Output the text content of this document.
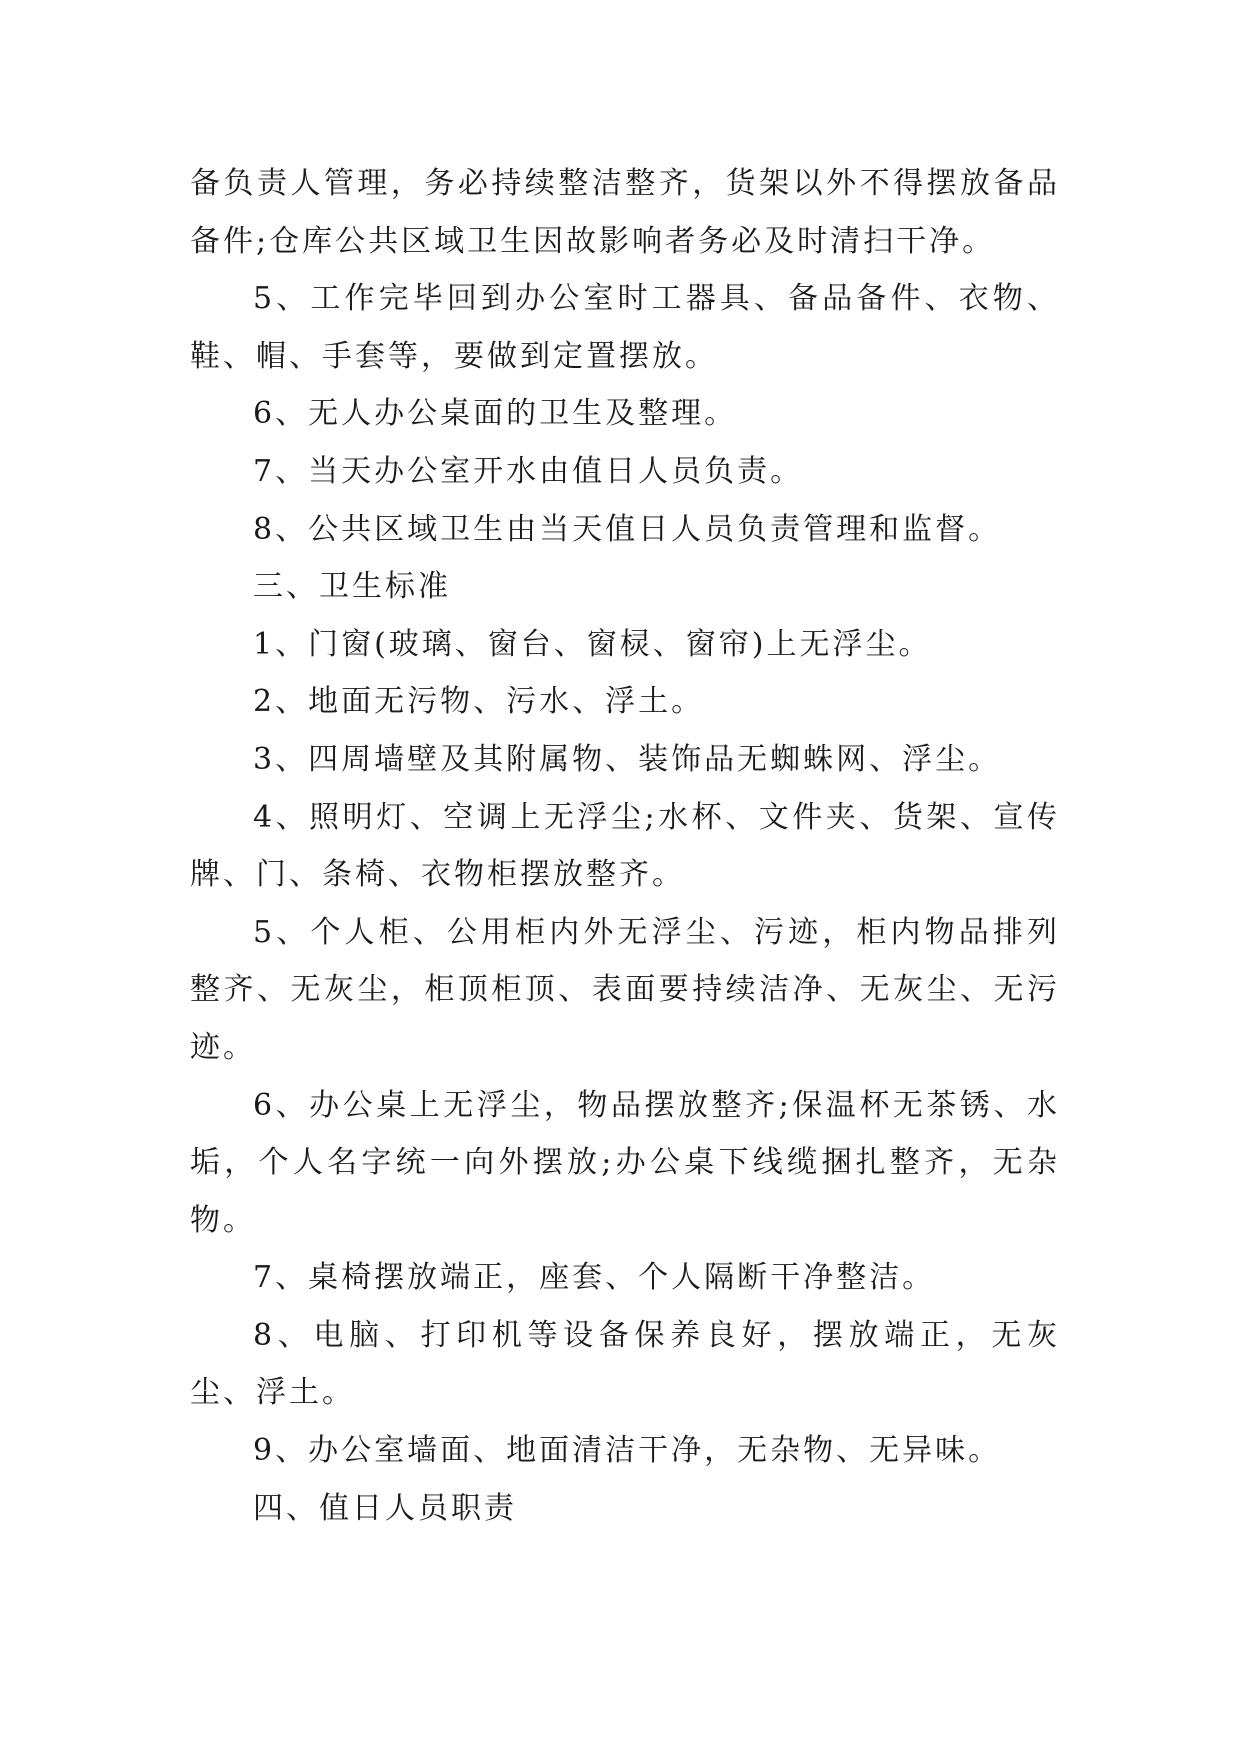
备负责人管理，务必持续整洁整齐，货架以外不得摆放备品备件;仓库公共区域卫生因故影响者务必及时清扫干净。

5、工作完毕回到办公室时工器具、备品备件、衣物、鞋、帽、手套等，要做到定置摆放。

6、无人办公桌面的卫生及整理。

7、当天办公室开水由值日人员负责。

8、公共区域卫生由当天值日人员负责管理和监督。

三、卫生标准

1、门窗(玻璃、窗台、窗棂、窗帘)上无浮尘。

2、地面无污物、污水、浮土。

3、四周墙壁及其附属物、装饰品无蜘蛛网、浮尘。

4、照明灯、空调上无浮尘;水杯、文件夹、货架、宣传牌、门、条椅、衣物柜摆放整齐。

5、个人柜、公用柜内外无浮尘、污迹，柜内物品排列整齐、无灰尘，柜顶柜顶、表面要持续洁净、无灰尘、无污迹。

6、办公桌上无浮尘，物品摆放整齐;保温杯无茶锈、水垢，个人名字统一向外摆放;办公桌下线缆捆扎整齐，无杂物。

7、桌椅摆放端正，座套、个人隔断干净整洁。

8、电脑、打印机等设备保养良好，摆放端正，无灰尘、浮土。

9、办公室墙面、地面清洁干净，无杂物、无异味。

四、值日人员职责
